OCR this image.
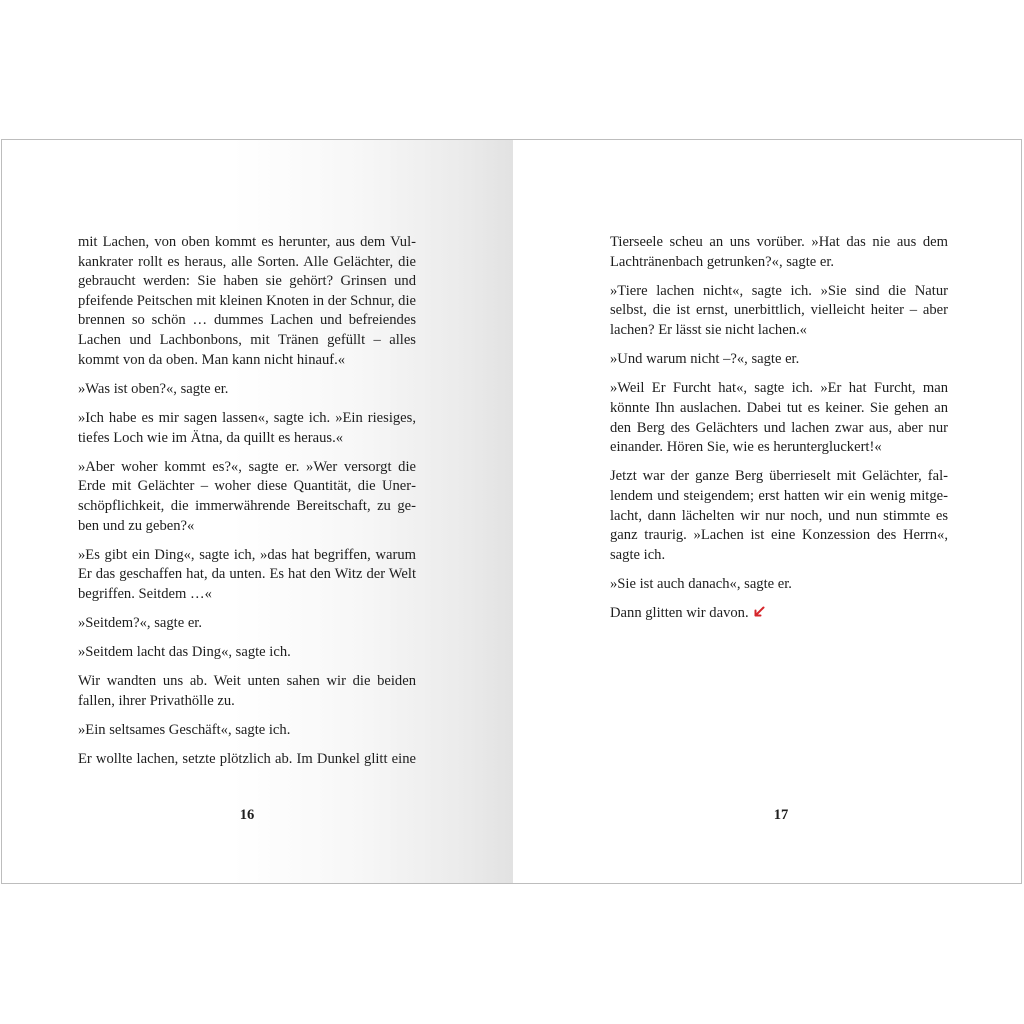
mit Lachen, von oben kommt es herunter, aus dem Vulkankrater rollt es heraus, alle Sorten. Alle Gelächter, die gebraucht werden: Sie haben sie gehört? Grinsen und pfeifende Peitschen mit kleinen Knoten in der Schnur, die brennen so schön … dummes Lachen und befreiendes Lachen und Lachbonbons, mit Tränen gefüllt – alles kommt von da oben. Man kann nicht hinauf.«

»Was ist oben?«, sagte er.

»Ich habe es mir sagen lassen«, sagte ich. »Ein riesiges, tiefes Loch wie im Ätna, da quillt es heraus.«

»Aber woher kommt es?«, sagte er. »Wer versorgt die Erde mit Gelächter – woher diese Quantität, die Unerschöpflichkeit, die immerwährende Bereitschaft, zu geben und zu geben?«

»Es gibt ein Ding«, sagte ich, »das hat begriffen, warum Er das geschaffen hat, da unten. Es hat den Witz der Welt begriffen. Seitdem …«

»Seitdem?«, sagte er.

»Seitdem lacht das Ding«, sagte ich.

Wir wandten uns ab. Weit unten sahen wir die beiden fallen, ihrer Privathölle zu.

»Ein seltsames Geschäft«, sagte ich.

Er wollte lachen, setzte plötzlich ab. Im Dunkel glitt eine

16

Tierseele scheu an uns vorüber. »Hat das nie aus dem Lachtränenbach getrunken?«, sagte er.

»Tiere lachen nicht«, sagte ich. »Sie sind die Natur selbst, die ist ernst, unerbittlich, vielleicht heiter – aber lachen? Er lässt sie nicht lachen.«

»Und warum nicht –?«, sagte er.

»Weil Er Furcht hat«, sagte ich. »Er hat Furcht, man könnte Ihn auslachen. Dabei tut es keiner. Sie gehen an den Berg des Gelächters und lachen zwar aus, aber nur einander. Hören Sie, wie es heruntergluckert!«

Jetzt war der ganze Berg überrieselt mit Gelächter, fallendem und steigendem; erst hatten wir ein wenig mitgelacht, dann lächelten wir nur noch, und nun stimmte es ganz traurig. »Lachen ist eine Konzession des Herrn«, sagte ich.

»Sie ist auch danach«, sagte er.

Dann glitten wir davon.

17
